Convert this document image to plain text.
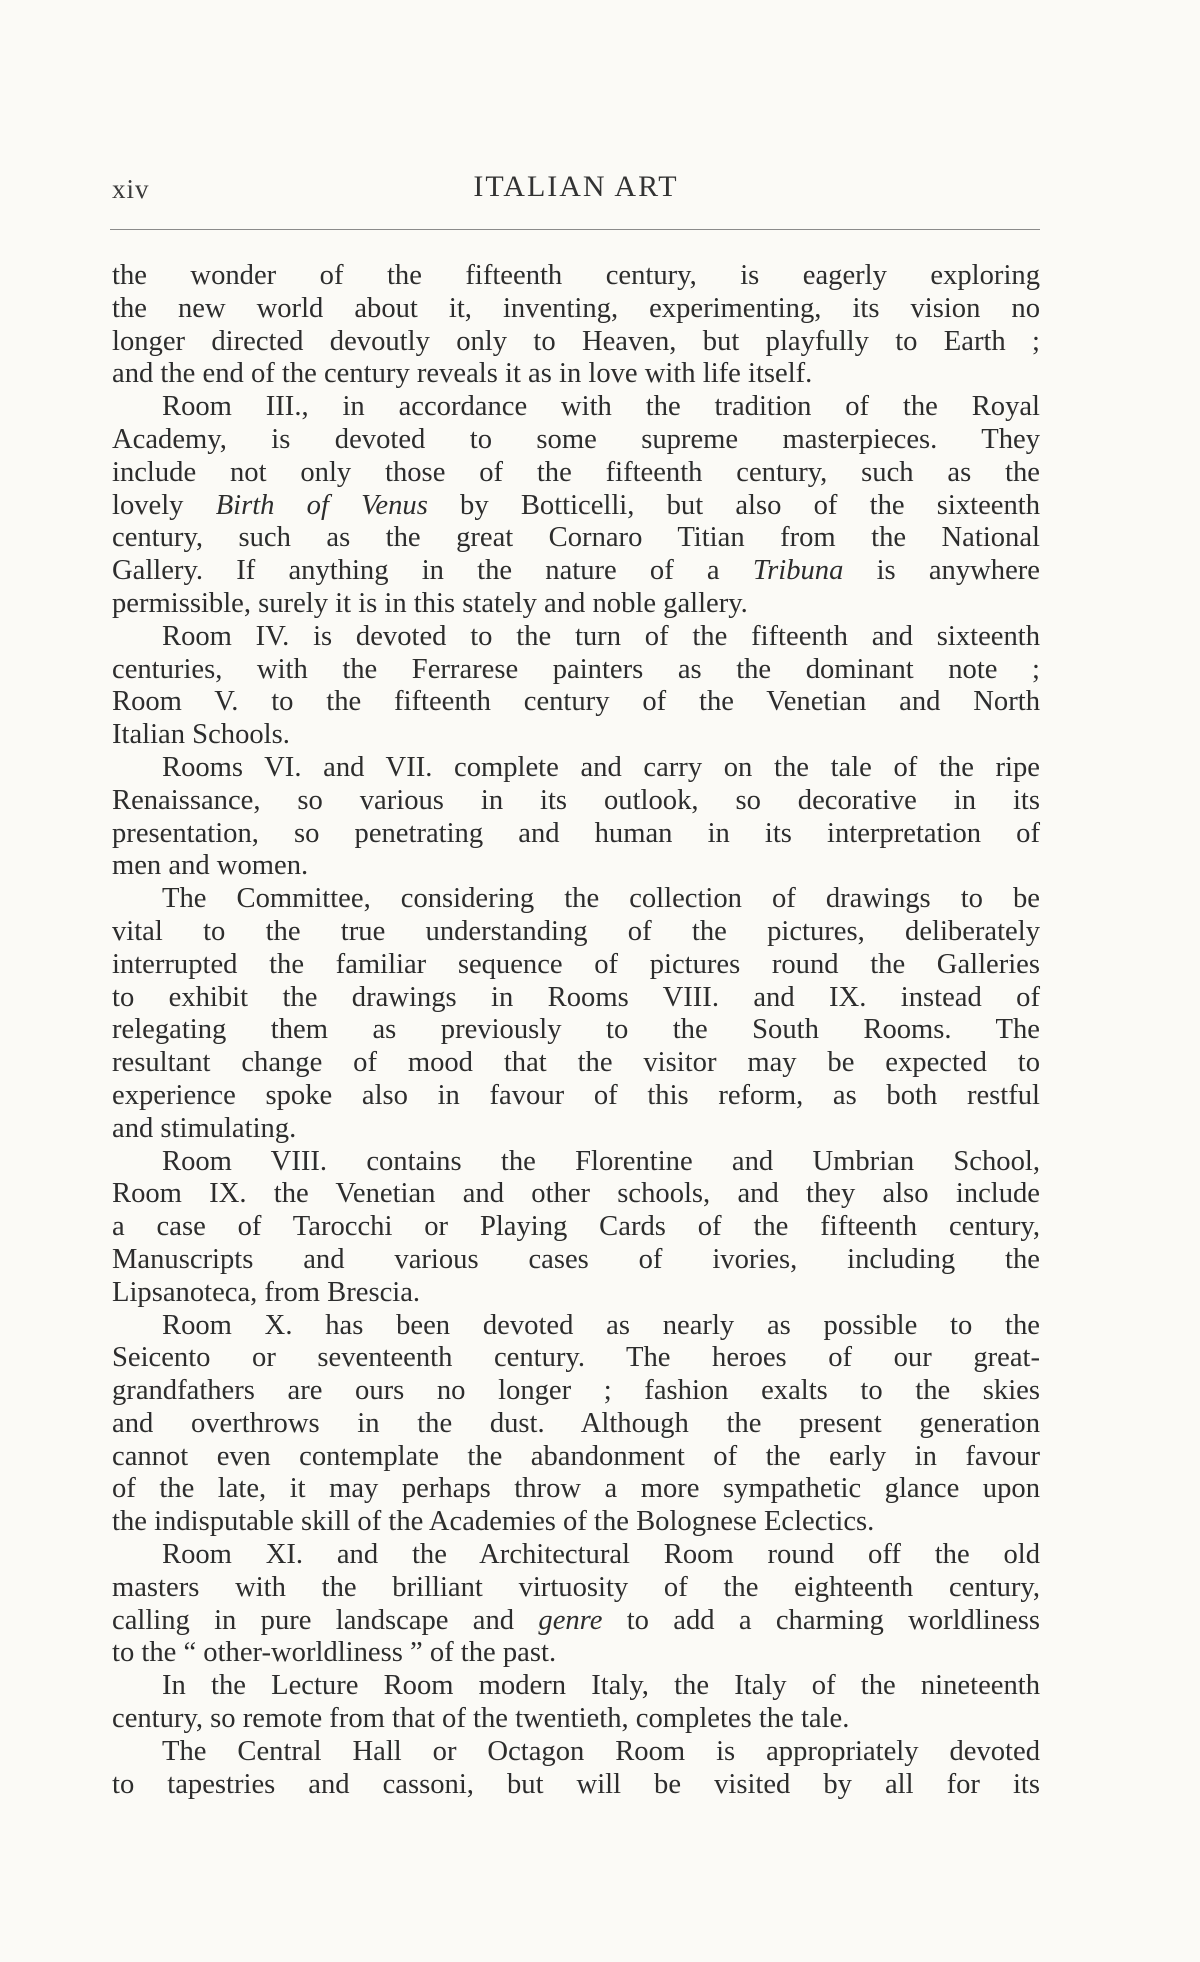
xiv	ITALIAN ART

the wonder of the fifteenth century, is eagerly exploring
the new world about it, inventing, experimenting, its vision no
longer directed devoutly only to Heaven, but playfully to Earth ;
and the end of the century reveals it as in love with life itself.

Room III., in accordance with the tradition of the Royal
Academy, is devoted to some supreme masterpieces. They
include not only those of the fifteenth century, such as the
lovely Birth of Venus by Botticelli, but also of the sixteenth
century, such as the great Cornaro Titian from the National
Gallery. If anything in the nature of a Tribuna is anywhere
permissible, surely it is in this stately and noble gallery.

Room IV. is devoted to the turn of the fifteenth and sixteenth
centuries, with the Ferrarese painters as the dominant note ;
Room V. to the fifteenth century of the Venetian and North
Italian Schools.

Rooms VI. and VII. complete and carry on the tale of the ripe
Renaissance, so various in its outlook, so decorative in its
presentation, so penetrating and human in its interpretation of
men and women.

The Committee, considering the collection of drawings to be
vital to the true understanding of the pictures, deliberately
interrupted the familiar sequence of pictures round the Galleries
to exhibit the drawings in Rooms VIII. and IX. instead of
relegating them as previously to the South Rooms. The
resultant change of mood that the visitor may be expected to
experience spoke also in favour of this reform, as both restful
and stimulating.

Room VIII. contains the Florentine and Umbrian School,
Room IX. the Venetian and other schools, and they also include
a case of Tarocchi or Playing Cards of the fifteenth century,
Manuscripts and various cases of ivories, including the
Lipsanoteca, from Brescia.

Room X. has been devoted as nearly as possible to the
Seicento or seventeenth century. The heroes of our great-
grandfathers are ours no longer ; fashion exalts to the skies
and overthrows in the dust. Although the present generation
cannot even contemplate the abandonment of the early in favour
of the late, it may perhaps throw a more sympathetic glance upon
the indisputable skill of the Academies of the Bolognese Eclectics.

Room XI. and the Architectural Room round off the old
masters with the brilliant virtuosity of the eighteenth century,
calling in pure landscape and genre to add a charming worldliness
to the “ other-worldliness ” of the past.

In the Lecture Room modern Italy, the Italy of the nineteenth
century, so remote from that of the twentieth, completes the tale.

The Central Hall or Octagon Room is appropriately devoted
to tapestries and cassoni, but will be visited by all for its
